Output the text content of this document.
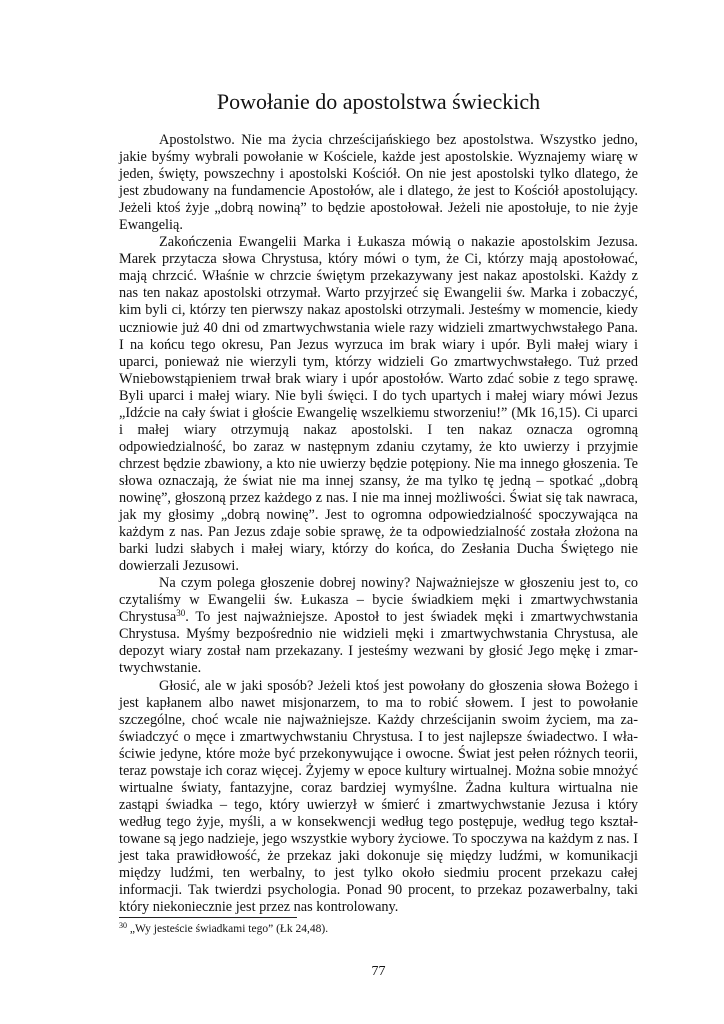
Powołanie do apostolstwa świeckich

Apostolstwo. Nie ma życia chrześcijańskiego bez apostolstwa. Wszystko jedno, jakie byśmy wybrali powołanie w Kościele, każde jest apostolskie. Wyznajemy wiarę w jeden, święty, powszechny i apostolski Kościół. On nie jest apostolski tylko dlatego, że jest zbudowany na fundamencie Apostołów, ale i dlatego, że jest to Kościół apostolujący. Jeżeli ktoś żyje „dobrą nowiną” to będzie apostołował. Jeżeli nie apostołuje, to nie żyje Ewangelią.

Zakończenia Ewangelii Marka i Łukasza mówią o nakazie apostolskim Jezusa. Marek przytacza słowa Chrystusa, który mówi o tym, że Ci, którzy mają apostołować, mają chrzcić. Właśnie w chrzcie świętym przekazywany jest nakaz apostolski. Każdy z nas ten nakaz apostolski otrzymał. Warto przyjrzeć się Ewangelii św. Marka i zobaczyć, kim byli ci, którzy ten pierwszy nakaz apostolski otrzymali. Jesteśmy w momencie, kiedy uczniowie już 40 dni od zmartwychwstania wiele razy widzieli zmartwychwstałego Pana. I na końcu tego okresu, Pan Jezus wyrzuca im brak wiary i upór. Byli małej wiary i uparci, ponieważ nie wierzyli tym, którzy widzieli Go zmartwychwstałego. Tuż przed Wniebowstąpieniem trwał brak wiary i upór apostołów. Warto zdać sobie z tego sprawę. Byli uparci i małej wiary. Nie byli święci. I do tych upartych i małej wiary mówi Jezus „Idźcie na cały świat i głoście Ewangelię wszelkiemu stworzeniu!” (Mk 16,15). Ci uparci i małej wiary otrzymują nakaz apostolski. I ten nakaz oznacza ogromną odpowiedzialność, bo zaraz w następnym zdaniu czytamy, że kto uwierzy i przyjmie chrzest będzie zbawiony, a kto nie uwierzy będzie potępiony. Nie ma innego głoszenia. Te słowa oznaczają, że świat nie ma innej szansy, że ma tylko tę jedną – spotkać „dobrą nowinę”, głoszoną przez każdego z nas. I nie ma innej możliwości. Świat się tak nawraca, jak my głosimy „dobrą nowinę”. Jest to ogromna odpowiedzialność spoczywająca na każdym z nas. Pan Jezus zdaje sobie sprawę, że ta odpowiedzialność została złożona na barki ludzi słabych i małej wiary, którzy do końca, do Zesłania Ducha Świętego nie dowierzali Jezusowi.

Na czym polega głoszenie dobrej nowiny? Najważniejsze w głoszeniu jest to, co czytaliśmy w Ewangelii św. Łukasza – bycie świadkiem męki i zmartwychwstania Chrystusa$^{30}$. To jest najważniejsze. Apostoł to jest świadek męki i zmartwychwstania Chrystusa. Myśmy bezpośrednio nie widzieli męki i zmartwychwstania Chrystusa, ale depozyt wiary został nam przekazany. I jesteśmy wezwani by głosić Jego mękę i zmartwychwstanie.

Głosić, ale w jaki sposób? Jeżeli ktoś jest powołany do głoszenia słowa Bożego i jest kapłanem albo nawet misjonarzem, to ma to robić słowem. I jest to powołanie szczególne, choć wcale nie najważniejsze. Każdy chrześcijanin swoim życiem, ma zaświadczyć o męce i zmartwychwstaniu Chrystusa. I to jest najlepsze świadectwo. I właściwie jedyne, które może być przekonywujące i owocne. Świat jest pełen różnych teorii, teraz powstaje ich coraz więcej. Żyjemy w epoce kultury wirtualnej. Można sobie mnożyć wirtualne światy, fantazyjne, coraz bardziej wymyślne. Żadna kultura wirtualna nie zastąpi świadka – tego, który uwierzył w śmierć i zmartwychwstanie Jezusa i który według tego żyje, myśli, a w konsekwencji według tego postępuje, według tego kształtowane są jego nadzieje, jego wszystkie wybory życiowe. To spoczywa na każdym z nas. I jest taka prawidłowość, że przekaz jaki dokonuje się między ludźmi, w komunikacji między ludźmi, ten werbalny, to jest tylko około siedmiu procent przekazu całej informacji. Tak twierdzi psychologia. Ponad 90 procent, to przekaz pozawerbalny, taki który niekoniecznie jest przez nas kontrolowany.

$^{30}$ „Wy jesteście świadkami tego” (Łk 24,48).
77
